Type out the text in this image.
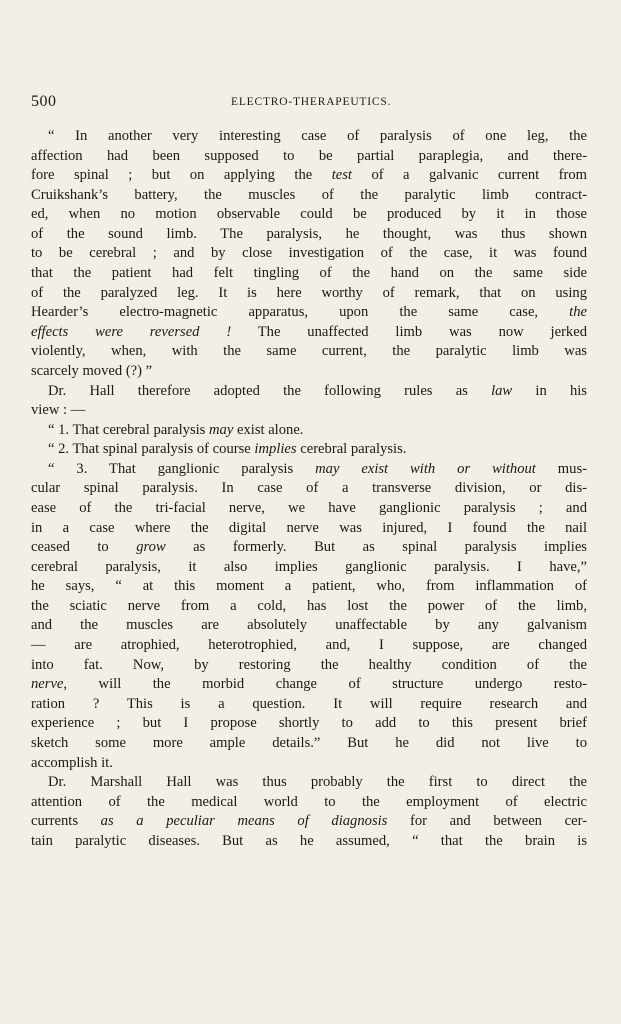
500	ELECTRO-THERAPEUTICS.
“ In another very interesting case of paralysis of one leg, the
affection had been supposed to be partial paraplegia, and there-
fore spinal ; but on applying the test of a galvanic current from
Cruikshank’s battery, the muscles of the paralytic limb contract-
ed, when no motion observable could be produced by it in those
of the sound limb. The paralysis, he thought, was thus shown
to be cerebral ; and by close investigation of the case, it was found
that the patient had felt tingling of the hand on the same side
of the paralyzed leg. It is here worthy of remark, that on using
Hearder’s electro-magnetic apparatus, upon the same case, the
effects were reversed ! The unaffected limb was now jerked
violently, when, with the same current, the paralytic limb was
scarcely moved (?) ”
Dr. Hall therefore adopted the following rules as law in his
view : —
“ 1. That cerebral paralysis may exist alone.
“ 2. That spinal paralysis of course implies cerebral paralysis.
“ 3. That ganglionic paralysis may exist with or without mus-
cular spinal paralysis. In case of a transverse division, or dis-
ease of the tri-facial nerve, we have ganglionic paralysis ; and
in a case where the digital nerve was injured, I found the nail
ceased to grow as formerly. But as spinal paralysis implies
cerebral paralysis, it also implies ganglionic paralysis. I have,”
he says, “ at this moment a patient, who, from inflammation of
the sciatic nerve from a cold, has lost the power of the limb,
and the muscles are absolutely unaffectable by any galvanism
— are atrophied, heterotrophied, and, I suppose, are changed
into fat. Now, by restoring the healthy condition of the
nerve, will the morbid change of structure undergo resto-
ration ? This is a question. It will require research and
experience ; but I propose shortly to add to this present brief
sketch some more ample details.” But he did not live to
accomplish it.
Dr. Marshall Hall was thus probably the first to direct the
attention of the medical world to the employment of electric
currents as a peculiar means of diagnosis for and between cer-
tain paralytic diseases. But as he assumed, “ that the brain is
